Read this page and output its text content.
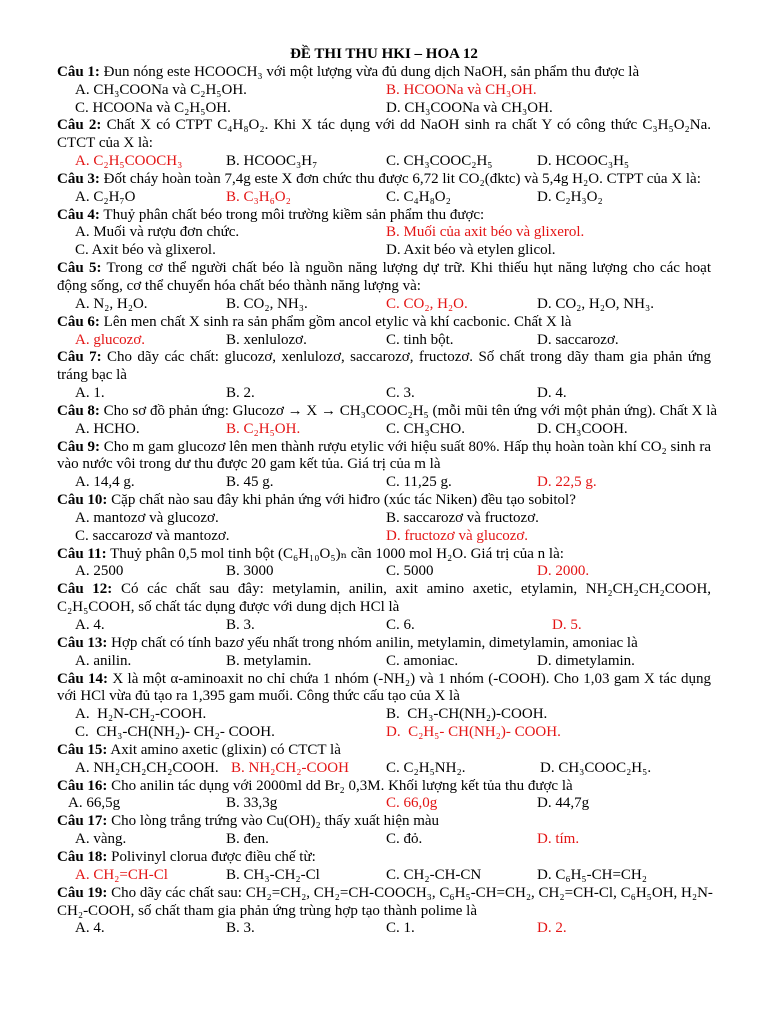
ĐỀ THI THU HKI – HOA 12
Câu 1: Đun nóng este HCOOCH₃ với một lượng vừa đủ dung dịch NaOH, sản phẩm thu được là
A. CH₃COONa và C₂H₅OH.	B. HCOONa và CH₃OH.
C. HCOONa và C₂H₅OH.	D. CH₃COONa và CH₃OH.
Câu 2: Chất X có CTPT C₄H₈O₂. Khi X tác dụng với dd NaOH sinh ra chất Y có công thức C₃H₅O₂Na.
CTCT của X là:
A. C₂H₅COOCH₃	B. HCOOC₃H₇	C. CH₃COOC₂H₅	D. HCOOC₃H₅
Câu 3: Đốt cháy hoàn toàn 7,4g este X đơn chức thu được 6,72 lit CO₂(đktc) và 5,4g H₂O. CTPT của X là:
A. C₂H₇O	B. C₃H₆O₂	C. C₄H₈O₂	D. C₂H₃O₂
Câu 4: Thuỷ phân chất béo trong môi trường kiềm sản phẩm thu được:
A. Muối và rượu đơn chức.	B. Muối của axit béo và glixerol.
C. Axit béo và glixerol.	D. Axit béo và etylen glicol.
Câu 5: Trong cơ thể người chất béo là nguồn năng lượng dự trữ. Khi thiếu hụt năng lượng cho các hoạt
động sống, cơ thể chuyển hóa chất béo thành năng lượng và:
A. N₂, H₂O.	B. CO₂, NH₃.	C. CO₂, H₂O.	D. CO₂, H₂O, NH₃.
Câu 6: Lên men chất X sinh ra sản phẩm gồm ancol etylic và khí cacbonic. Chất X là
A. glucozơ.	B. xenlulozơ.	C. tinh bột.	D. saccarozơ.
Câu 7: Cho dãy các chất: glucozơ, xenlulozơ, saccarozơ, fructozơ. Số chất trong dãy tham gia phản ứng
tráng bạc là
A. 1.	B. 2.	C. 3.	D. 4.
Câu 8: Cho sơ đồ phản ứng: Glucozơ → X → CH₃COOC₂H₅ (mỗi mũi tên ứng với một phản ứng). Chất X là
A. HCHO.	B. C₂H₅OH.	C. CH₃CHO.	D. CH₃COOH.
Câu 9: Cho m gam glucozơ lên men thành rượu etylic với hiệu suất 80%. Hấp thụ hoàn toàn khí CO₂ sinh ra
vào nước vôi trong dư thu được 20 gam kết tủa. Giá trị của m là
A. 14,4 g.	B. 45 g.	C. 11,25 g.	D. 22,5 g.
Câu 10: Cặp chất nào sau đây khi phản ứng với hiđro (xúc tác Niken) đều tạo sobitol?
A. mantozơ và glucozơ.	B. saccarozơ và fructozơ.
C. saccarozơ và mantozơ.	D. fructozơ và glucozơ.
Câu 11: Thuỷ phân 0,5 mol tinh bột (C₆H₁₀O₅)ₙ cần 1000 mol H₂O. Giá trị của n là:
A. 2500	B. 3000	C. 5000	D. 2000.
Câu 12: Có các chất sau đây: metylamin, anilin, axit amino axetic, etylamin, NH₂CH₂CH₂COOH,
C₂H₅COOH, số chất tác dụng được với dung dịch HCl là
A. 4.	B. 3.	C. 6.	D. 5.
Câu 13: Hợp chất có tính bazơ yếu nhất trong nhóm anilin, metylamin, dimetylamin, amoniac là
A. anilin.	B. metylamin.	C. amoniac.	D. dimetylamin.
Câu 14: X là một α-aminoaxit no chỉ chứa 1 nhóm (-NH₂) và 1 nhóm (-COOH). Cho 1,03 gam X tác dụng
với HCl vừa đủ tạo ra 1,395 gam muối. Công thức cấu tạo của X là
A.  H₂N-CH₂-COOH.	B.  CH₃-CH(NH₂)-COOH.
C.  CH₃-CH(NH₂)- CH₂- COOH.	D.  C₂H₅- CH(NH₂)- COOH.
Câu 15: Axit amino axetic (glixin) có CTCT là
A. NH₂CH₂CH₂COOH. B. NH₂CH₂-COOH C. C₂H₅NH₂.	D. CH₃COOC₂H₅.
Câu 16: Cho anilin tác dụng với 2000ml dd Br₂ 0,3M. Khối lượng kết tủa thu được là
A. 66,5g	B. 33,3g	C. 66,0g	D. 44,7g
Câu 17: Cho lòng trắng trứng vào Cu(OH)₂ thấy xuất hiện màu
A. vàng.	B. đen.	C. đỏ.	D. tím.
Câu 18: Polivinyl clorua được điều chế từ:
A. CH₂=CH-Cl	B. CH₃-CH₂-Cl	C. CH₂-CH-CN	D. C₆H₅-CH=CH₂
Câu 19: Cho dãy các chất sau: CH₂=CH₂, CH₂=CH-COOCH₃, C₆H₅-CH=CH₂, CH₂=CH-Cl, C₆H₅OH, H₂N-
CH₂-COOH, số chất tham gia phản ứng trùng hợp tạo thành polime là
A. 4.	B. 3.	C. 1.	D. 2.
